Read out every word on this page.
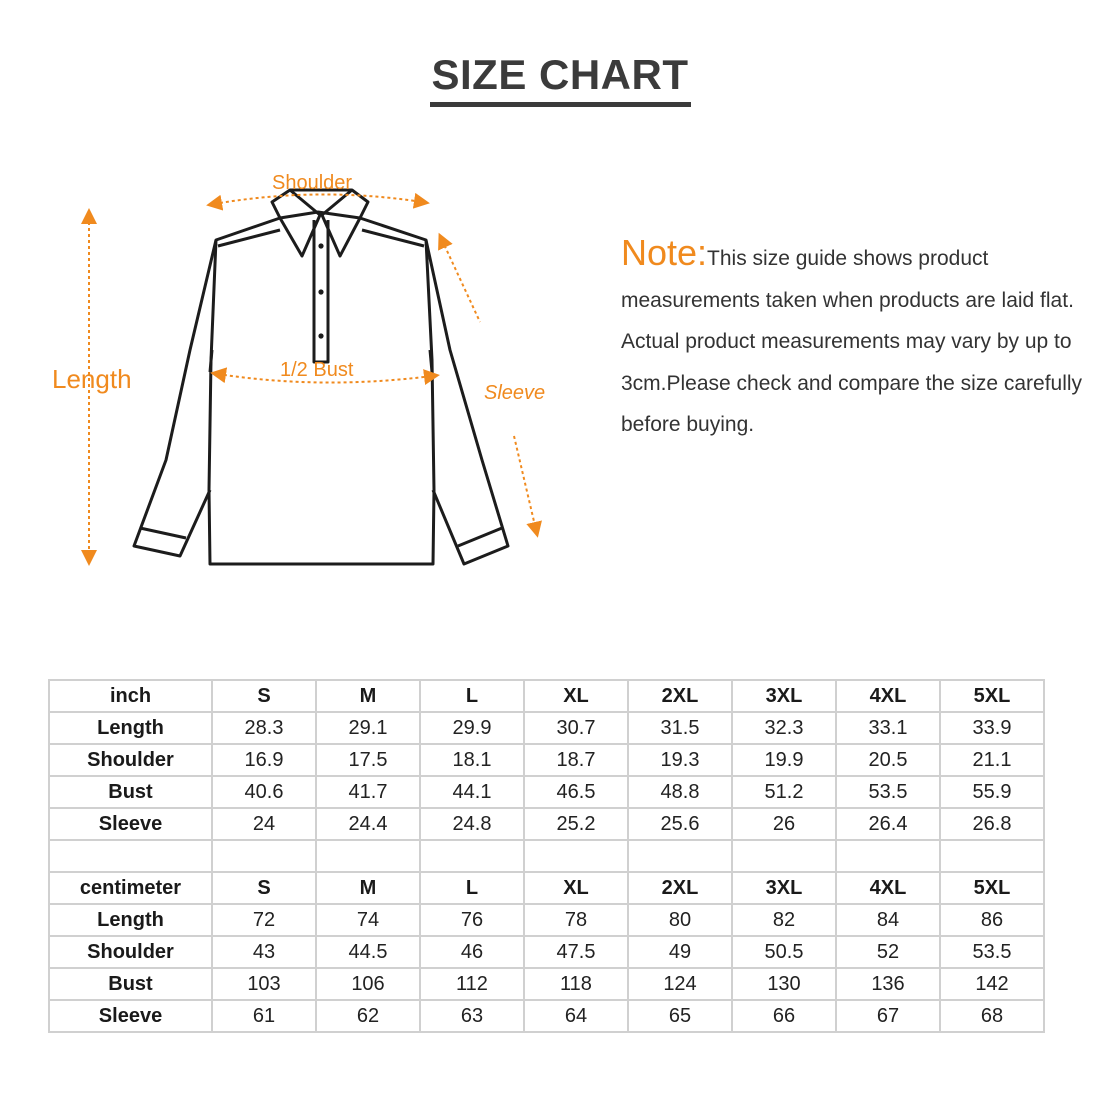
SIZE CHART
Shoulder
1/2 Bust
Length	Sleeve
Note:This size guide shows product measurements taken when products are laid flat. Actual product measurements may vary by up to 3cm.Please check and compare the size carefully before buying.
inch	S	M	L	XL	2XL	3XL	4XL	5XL
Length	28.3	29.1	29.9	30.7	31.5	32.3	33.1	33.9
Shoulder	16.9	17.5	18.1	18.7	19.3	19.9	20.5	21.1
Bust	40.6	41.7	44.1	46.5	48.8	51.2	53.5	55.9
Sleeve	24	24.4	24.8	25.2	25.6	26	26.4	26.8

centimeter	S	M	L	XL	2XL	3XL	4XL	5XL
Length	72	74	76	78	80	82	84	86
Shoulder	43	44.5	46	47.5	49	50.5	52	53.5
Bust	103	106	112	118	124	130	136	142
Sleeve	61	62	63	64	65	66	67	68
